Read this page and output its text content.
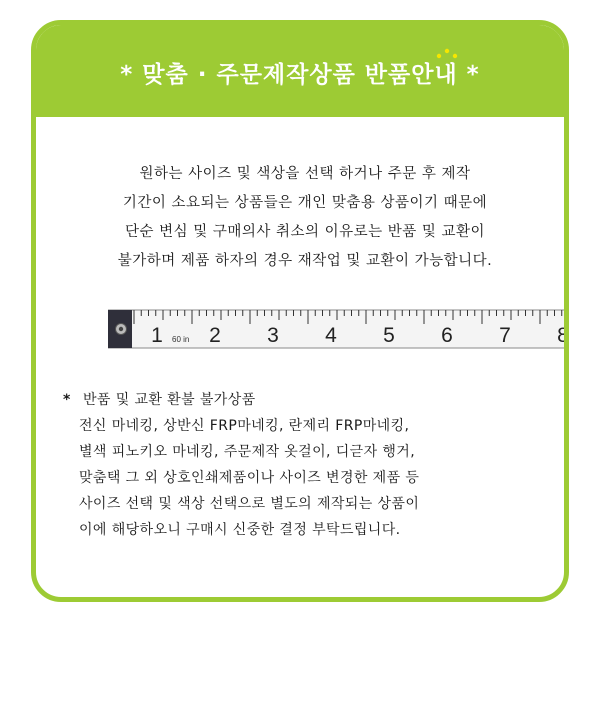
* 맞춤 · 주문제작상품 반품안내 *

원하는 사이즈 및 색상을 선택 하거나 주문 후 제작

기간이 소요되는 상품들은 개인 맞춤용 상품이기 때문에

단순 변심 및 구매의사 취소의 이유로는 반품 및 교환이

불가하며 제품 하자의 경우 재작업 및 교환이 가능합니다.

1 2 3 4 5 6 7 8
60 in
* 반품 및 교환 환불 불가상품

전신 마네킹, 상반신 FRP마네킹, 란제리 FRP마네킹,

별색 피노키오 마네킹, 주문제작 옷걸이, 디귿자 행거,

맞춤택 그 외 상호인쇄제품이나 사이즈 변경한 제품 등

사이즈 선택 및 색상 선택으로 별도의 제작되는 상품이

이에 해당하오니 구매시 신중한 결정 부탁드립니다.
